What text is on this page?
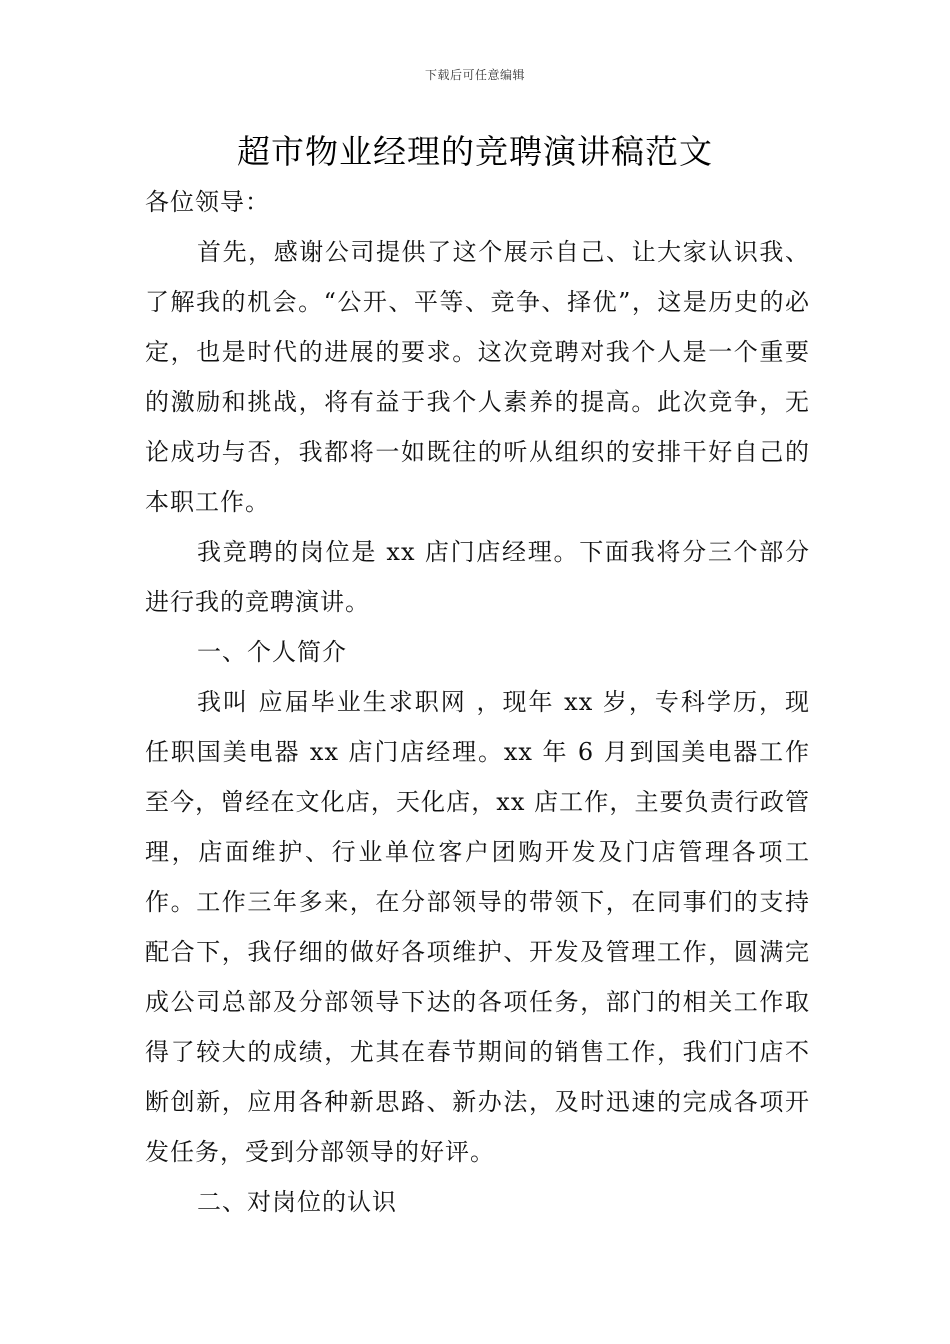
下载后可任意编辑
超市物业经理的竞聘演讲稿范文

各位领导：

首先，感谢公司提供了这个展示自己、让大家认识我、了解我的机会。“公开、平等、竞争、择优”，这是历史的必定，也是时代的进展的要求。这次竞聘对我个人是一个重要的激励和挑战，将有益于我个人素养的提高。此次竞争，无论成功与否，我都将一如既往的听从组织的安排干好自己的本职工作。

我竞聘的岗位是 xx 店门店经理。下面我将分三个部分进行我的竞聘演讲。

一、个人简介

我叫 应届毕业生求职网 ，现年 xx 岁，专科学历，现任职国美电器 xx 店门店经理。xx 年 6 月到国美电器工作至今，曾经在文化店，天化店，xx 店工作，主要负责行政管理，店面维护、行业单位客户团购开发及门店管理各项工作。工作三年多来，在分部领导的带领下，在同事们的支持配合下，我仔细的做好各项维护、开发及管理工作，圆满完成公司总部及分部领导下达的各项任务，部门的相关工作取得了较大的成绩，尤其在春节期间的销售工作，我们门店不断创新，应用各种新思路、新办法，及时迅速的完成各项开发任务，受到分部领导的好评。

二、对岗位的认识
